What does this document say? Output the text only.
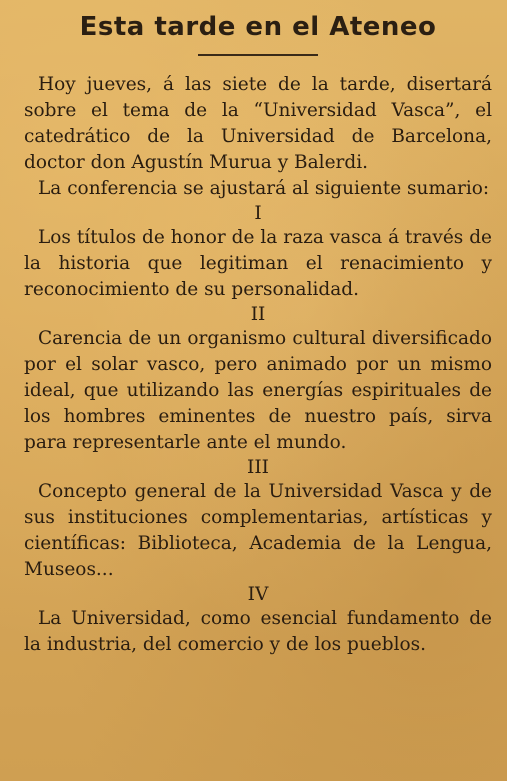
Esta tarde en el Ateneo

Hoy jueves, á las siete de la tarde, disertará sobre el tema de la “Universidad Vasca”, el catedrático de la Universidad de Barcelona, doctor don Agustín Murua y Balerdi.

La conferencia se ajustará al siguiente sumario:

I

Los títulos de honor de la raza vasca á través de la historia que legitiman el renacimiento y reconocimiento de su personalidad.

II

Carencia de un organismo cultural diversificado por el solar vasco, pero animado por un mismo ideal, que utilizando las energías espirituales de los hombres eminentes de nuestro país, sirva para representarle ante el mundo.

III

Concepto general de la Universidad Vasca y de sus instituciones complementarias, artísticas y científicas: Biblioteca, Academia de la Lengua, Museos...

IV

La Universidad, como esencial fundamento de la industria, del comercio y de los pueblos.
